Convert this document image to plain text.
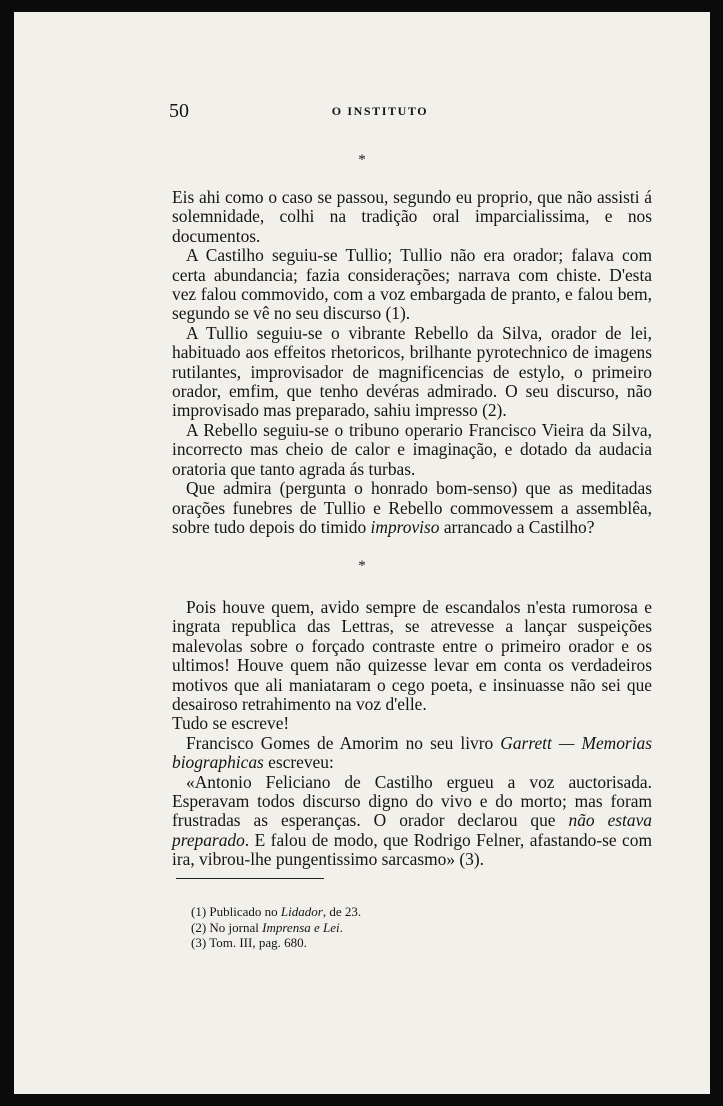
50	O INSTITUTO
*

Eis ahi como o caso se passou, segundo eu proprio, que não assisti á solemnidade, colhi na tradição oral imparcialissima, e nos documentos.

A Castilho seguiu-se Tullio; Tullio não era orador; falava com certa abundancia; fazia considerações; narrava com chiste. D'esta vez falou commovido, com a voz embargada de pranto, e falou bem, segundo se vê no seu discurso (1).

A Tullio seguiu-se o vibrante Rebello da Silva, orador de lei, habituado aos effeitos rhetoricos, brilhante pyrotechnico de imagens rutilantes, improvisador de magnificencias de estylo, o primeiro orador, emfim, que tenho devéras admirado. O seu discurso, não improvisado mas preparado, sahiu impresso (2).

A Rebello seguiu-se o tribuno operario Francisco Vieira da Silva, incorrecto mas cheio de calor e imaginação, e dotado da audacia oratoria que tanto agrada ás turbas.

Que admira (pergunta o honrado bom-senso) que as meditadas orações funebres de Tullio e Rebello commovessem a assemblêa, sobre tudo depois do timido improviso arrancado a Castilho?

*

Pois houve quem, avido sempre de escandalos n'esta rumorosa e ingrata republica das Lettras, se atrevesse a lançar suspeições malevolas sobre o forçado contraste entre o primeiro orador e os ultimos! Houve quem não quizesse levar em conta os verdadeiros motivos que ali maniataram o cego poeta, e insinuasse não sei que desairoso retrahimento na voz d'elle.

Tudo se escreve!

Francisco Gomes de Amorim no seu livro Garrett — Memorias biographicas escreveu:

«Antonio Feliciano de Castilho ergueu a voz auctorisada. Esperavam todos discurso digno do vivo e do morto; mas foram frustradas as esperanças. O orador declarou que não estava preparado. E falou de modo, que Rodrigo Felner, afastando-se com ira, vibrou-lhe pungentissimo sarcasmo» (3).

(1) Publicado no Lidador, de 23.
(2) No jornal Imprensa e Lei.
(3) Tom. III, pag. 680.
